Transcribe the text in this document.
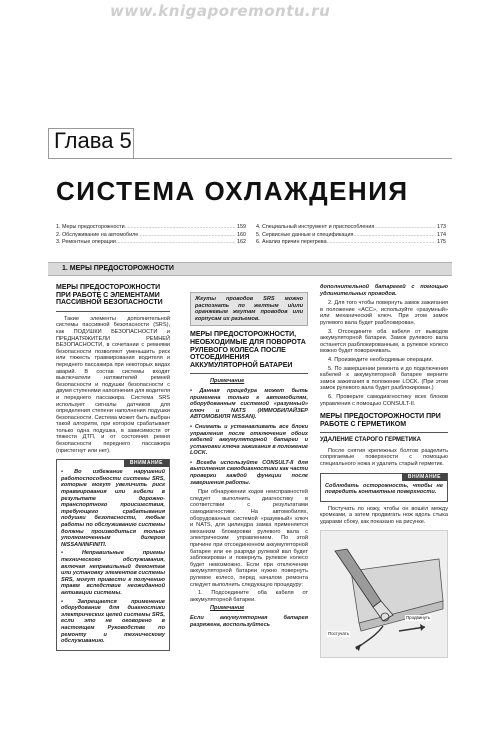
www.knigaporemontu.ru
Глава 5
СИСТЕМА ОХЛАЖДЕНИЯ
1. Меры предосторожности .....	159
2. Обслуживание на автомобиле .....	160
3. Ремонтные операции .....	162
4. Специальный инструмент и приспособления .....	173
5. Сервисные данные и спецификация .....	174
6. Анализ причин перегрева .....	175
1. МЕРЫ ПРЕДОСТОРОЖНОСТИ
МЕРЫ ПРЕДОСТОРОЖНОСТИ ПРИ РАБОТЕ С ЭЛЕМЕНТАМИ ПАССИВНОЙ БЕЗОПАСНОСТИ
Такие элементы дополнительной системы пассивной безопасности (SRS), как ПОДУШКИ БЕЗОПАСНОСТИ и ПРЕДНАТЯЖИТЕЛИ РЕМНЕЙ БЕЗОПАСНОСТИ, в сочетании с ремнями безопасности позволяют уменьшить риск или тяжесть травмирования водителя и переднего пассажира при некоторых видах аварий. В состав системы входят выключатели натяжителей ремней безопасности и подушки безопасности с двумя ступенями наполнения для водителя и переднего пассажира. Система SRS использует сигналы датчиков для определения степени наполнения подушки безопасности. Система может быть выбран такой алгоритм, при котором срабатывает только одна подушка, в зависимости от тяжести ДТП, и от состояния ремня безопасности переднего пассажира (пристегнут или нет).
ВНИМАНИЕ
• Во избежание нарушений работоспособности системы SRS, которые могут увеличить риск травмирования или гибели в результате дорожно-транспортного происшествия, требующего срабатывания подушки безопасности, любые работы по обслуживанию системы должны производиться только уполномоченным дилером NISSAN/INFINITI.
• Неправильные приемы технического обслуживания, включая неправильный демонтаж или установку элементов системы SRS, могут привести к получению травм вследствие неожиданной активации системы.
• Запрещается применение оборудование для диагностики электрических цепей системы SRS, если это не оговорено в настоящем Руководстве по ремонту и техническому обслуживанию.
Жгуты проводов SRS можно распознать по желтым и/или оранжевым жгутам проводов или корпусам их разъемов.
МЕРЫ ПРЕДОСТОРОЖНОСТИ, НЕОБХОДИМЫЕ ДЛЯ ПОВОРОТА РУЛЕВОГО КОЛЕСА ПОСЛЕ ОТСОЕДИНЕНИЯ АККУМУЛЯТОРНОЙ БАТАРЕИ
Примечание
• Данная процедура может быть применена только к автомобилям, оборудованным системой «разумный» ключ и NATS (ИММОБИЛАЙЗЕР АВТОМОБИЛЯ NISSAN).
• Снимать и устанавливать все блоки управления после отключения обоих кабелей аккумуляторной батареи и установки ключа зажигания в положение LOCK.
• Всегда используйте CONSULT-II для выполнения самодиагностики как части проверки каждой функции после завершения работы.
При обнаружении кодов неисправностей следует выполнить диагностику в соответствии с результатами самодиагностики. На автомобилях, оборудованных системой «разумный» ключ и NATS, для цилиндра замка применяется механизм блокировки рулевого вала с электрическим управлением. По этой причине при отсоединенном аккумуляторной батарее или ее разряде рулевой вал будет заблокирован и повернуть рулевое колесо будет невозможно. Если при отключении аккумуляторной батареи нужно повернуть рулевое колесо, перед началом ремонта следует выполнить следующую процедуру:
1. Подсоедините оба кабеля от аккумуляторной батареи.
Примечание
Если аккумуляторная батарея разряжена, воспользуйтесь
дополнительной батарееей с помощью удлинительных проводов.
2. Для того чтобы повернуть замок зажигания в положение «ACC», используйте «разумный» или механический ключ. При этом замок рулевого вала будет разблокирован.
3. Отсоедините оба кабеля от выводов аккумуляторной батареи. Замок рулевого вала останется разблокированным, а рулевое колесо можно будет поворачивать.
4. Произведите необходимые операции.
5. По завершении ремонта и до подключения кабелей к аккумуляторной батарее верните замок зажигания в положение LOCK. (При этом замок рулевого вала будет разблокирован.)
6. Проверьте самодиагностику всех блоков управления с помощью CONSULT-II.
МЕРЫ ПРЕДОСТОРОЖНОСТИ ПРИ РАБОТЕ С ГЕРМЕТИКОМ
УДАЛЕНИЕ СТАРОГО ГЕРМЕТИКА
После снятия крепежных болтов разделить сопрягаемые поверхности с помощью специального ножа и удалить старый герметик.
ВНИМАНИЕ
Соблюдать осторожность, чтобы не повредить контактные поверхности.
Постучать по ножу, чтобы он вошёл между кромками, а затем продвигать нож вдоль стыка ударами сбоку, как показано на рисунке.
Постучать
Продвинуть
